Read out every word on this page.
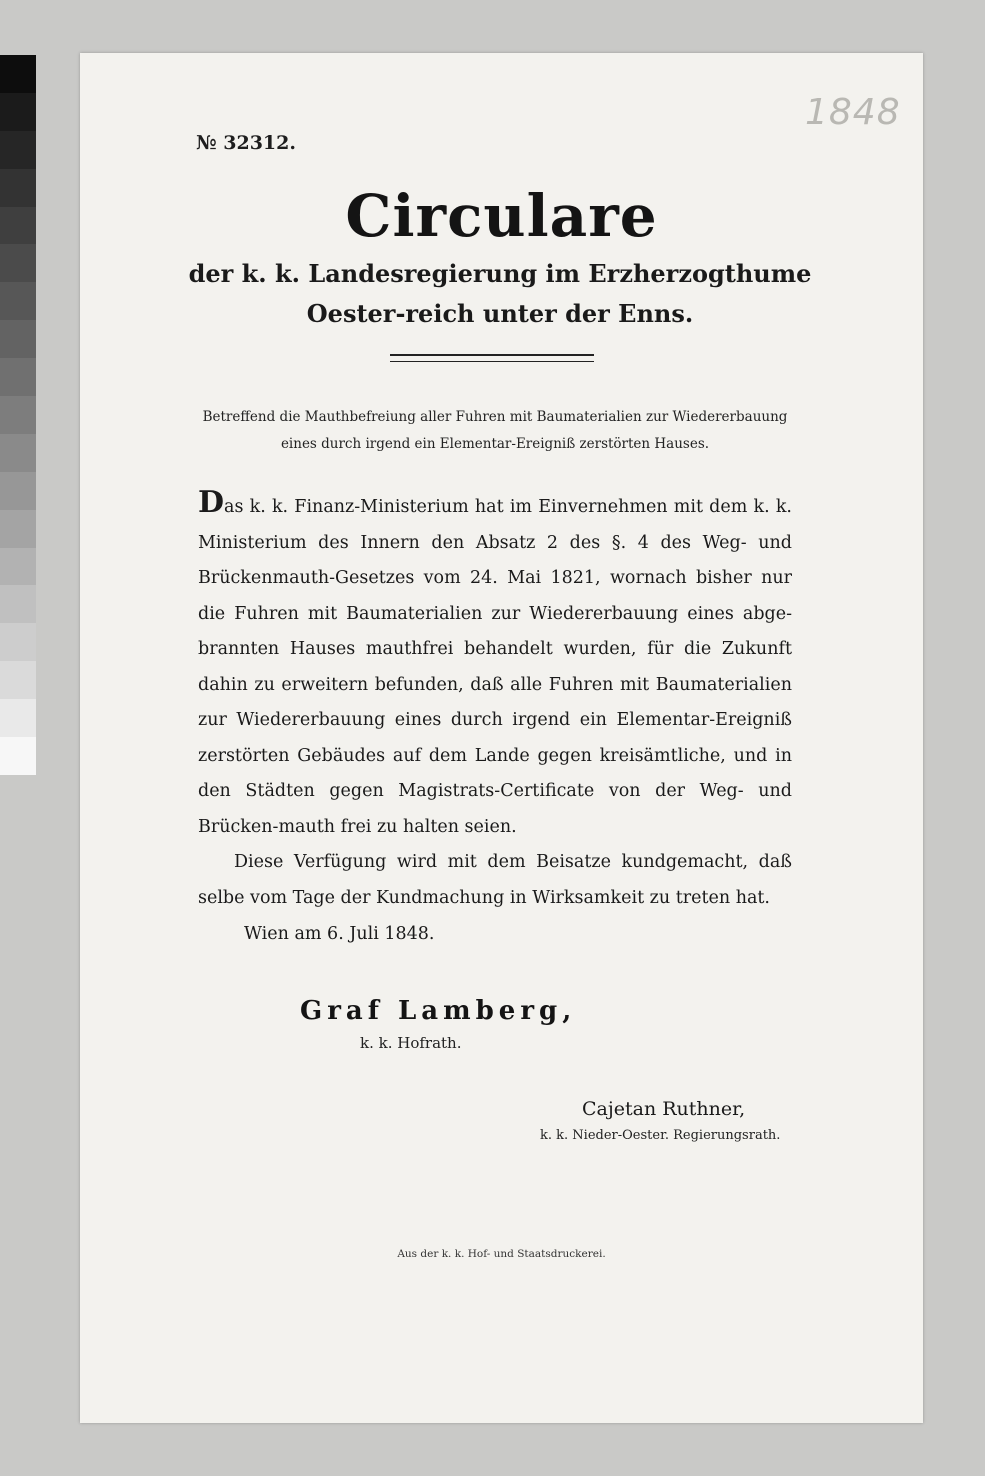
1848
№ 32312.
Circulare
der k. k. Landesregierung im Erzherzogthume Oester-reich unter der Enns.
Betreffend die Mauthbefreiung aller Fuhren mit Baumaterialien zur Wiedererbauung eines durch irgend ein Elementar-Ereigniß zerstörten Hauses.

Das k. k. Finanz-Ministerium hat im Einvernehmen mit dem k. k. Ministerium des Innern den Absatz 2 des §. 4 des Weg- und Brückenmauth-Gesetzes vom 24. Mai 1821, wornach bisher nur die Fuhren mit Baumaterialien zur Wiedererbauung eines abge-brannten Hauses mauthfrei behandelt wurden, für die Zukunft dahin zu erweitern befunden, daß alle Fuhren mit Baumaterialien zur Wiedererbauung eines durch irgend ein Elementar-Ereigniß zerstörten Gebäudes auf dem Lande gegen kreisämtliche, und in den Städten gegen Magistrats-Certificate von der Weg- und Brücken-mauth frei zu halten seien.

Diese Verfügung wird mit dem Beisatze kundgemacht, daß selbe vom Tage der Kundmachung in Wirksamkeit zu treten hat.

Wien am 6. Juli 1848.
Graf Lamberg,
k. k. Hofrath.
Cajetan Ruthner,
k. k. Nieder-Oester. Regierungsrath.
Aus der k. k. Hof- und Staatsdruckerei.
